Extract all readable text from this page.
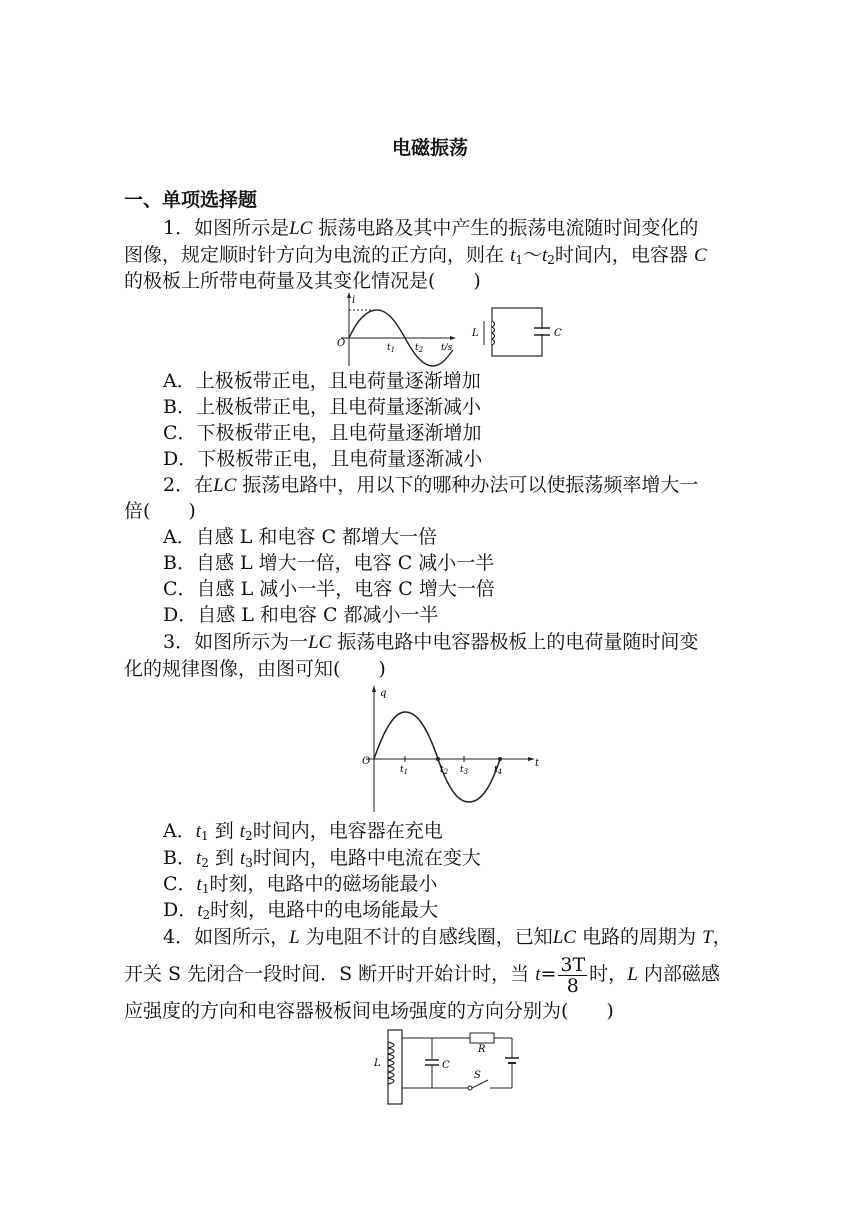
电磁振荡
一、单项选择题
1．如图所示是LC 振荡电路及其中产生的振荡电流随时间变化的
图像，规定顺时针方向为电流的正方向，则在 $t_1\sim t_2$时间内，电容器 C
的极板上所带电荷量及其变化情况是(　　)
i
O	$t_1$ $t_2$ t/s
L	C
A．上极板带正电，且电荷量逐渐增加
B．上极板带正电，且电荷量逐渐减小
C．下极板带正电，且电荷量逐渐增加
D．下极板带正电，且电荷量逐渐减小
2．在LC 振荡电路中，用以下的哪种办法可以使振荡频率增大一
倍(　　)
A．自感 L 和电容 C 都增大一倍
B．自感 L 增大一倍，电容 C 减小一半
C．自感 L 减小一半，电容 C 增大一倍
D．自感 L 和电容 C 都减小一半
3．如图所示为一LC 振荡电路中电容器极板上的电荷量随时间变
化的规律图像，由图可知(　　)
q
O
$t_1$	$t_2$ $t_3$	$t_4$
t
A．$t_1$ 到 $t_2$时间内，电容器在充电
B．$t_2$ 到 $t_3$时间内，电路中电流在变大
C．$t_1$时刻，电路中的磁场能最小
D．$t_2$时刻，电路中的电场能最大
4．如图所示，L 为电阻不计的自感线圈，已知LC 电路的周期为 T，
开关 S 先闭合一段时间．S 断开时开始计时，当 $t= \frac{3T}{8}$ 时，L 内部磁感
应强度的方向和电容器极板间电场强度的方向分别为(　　)
L	C
R
S
